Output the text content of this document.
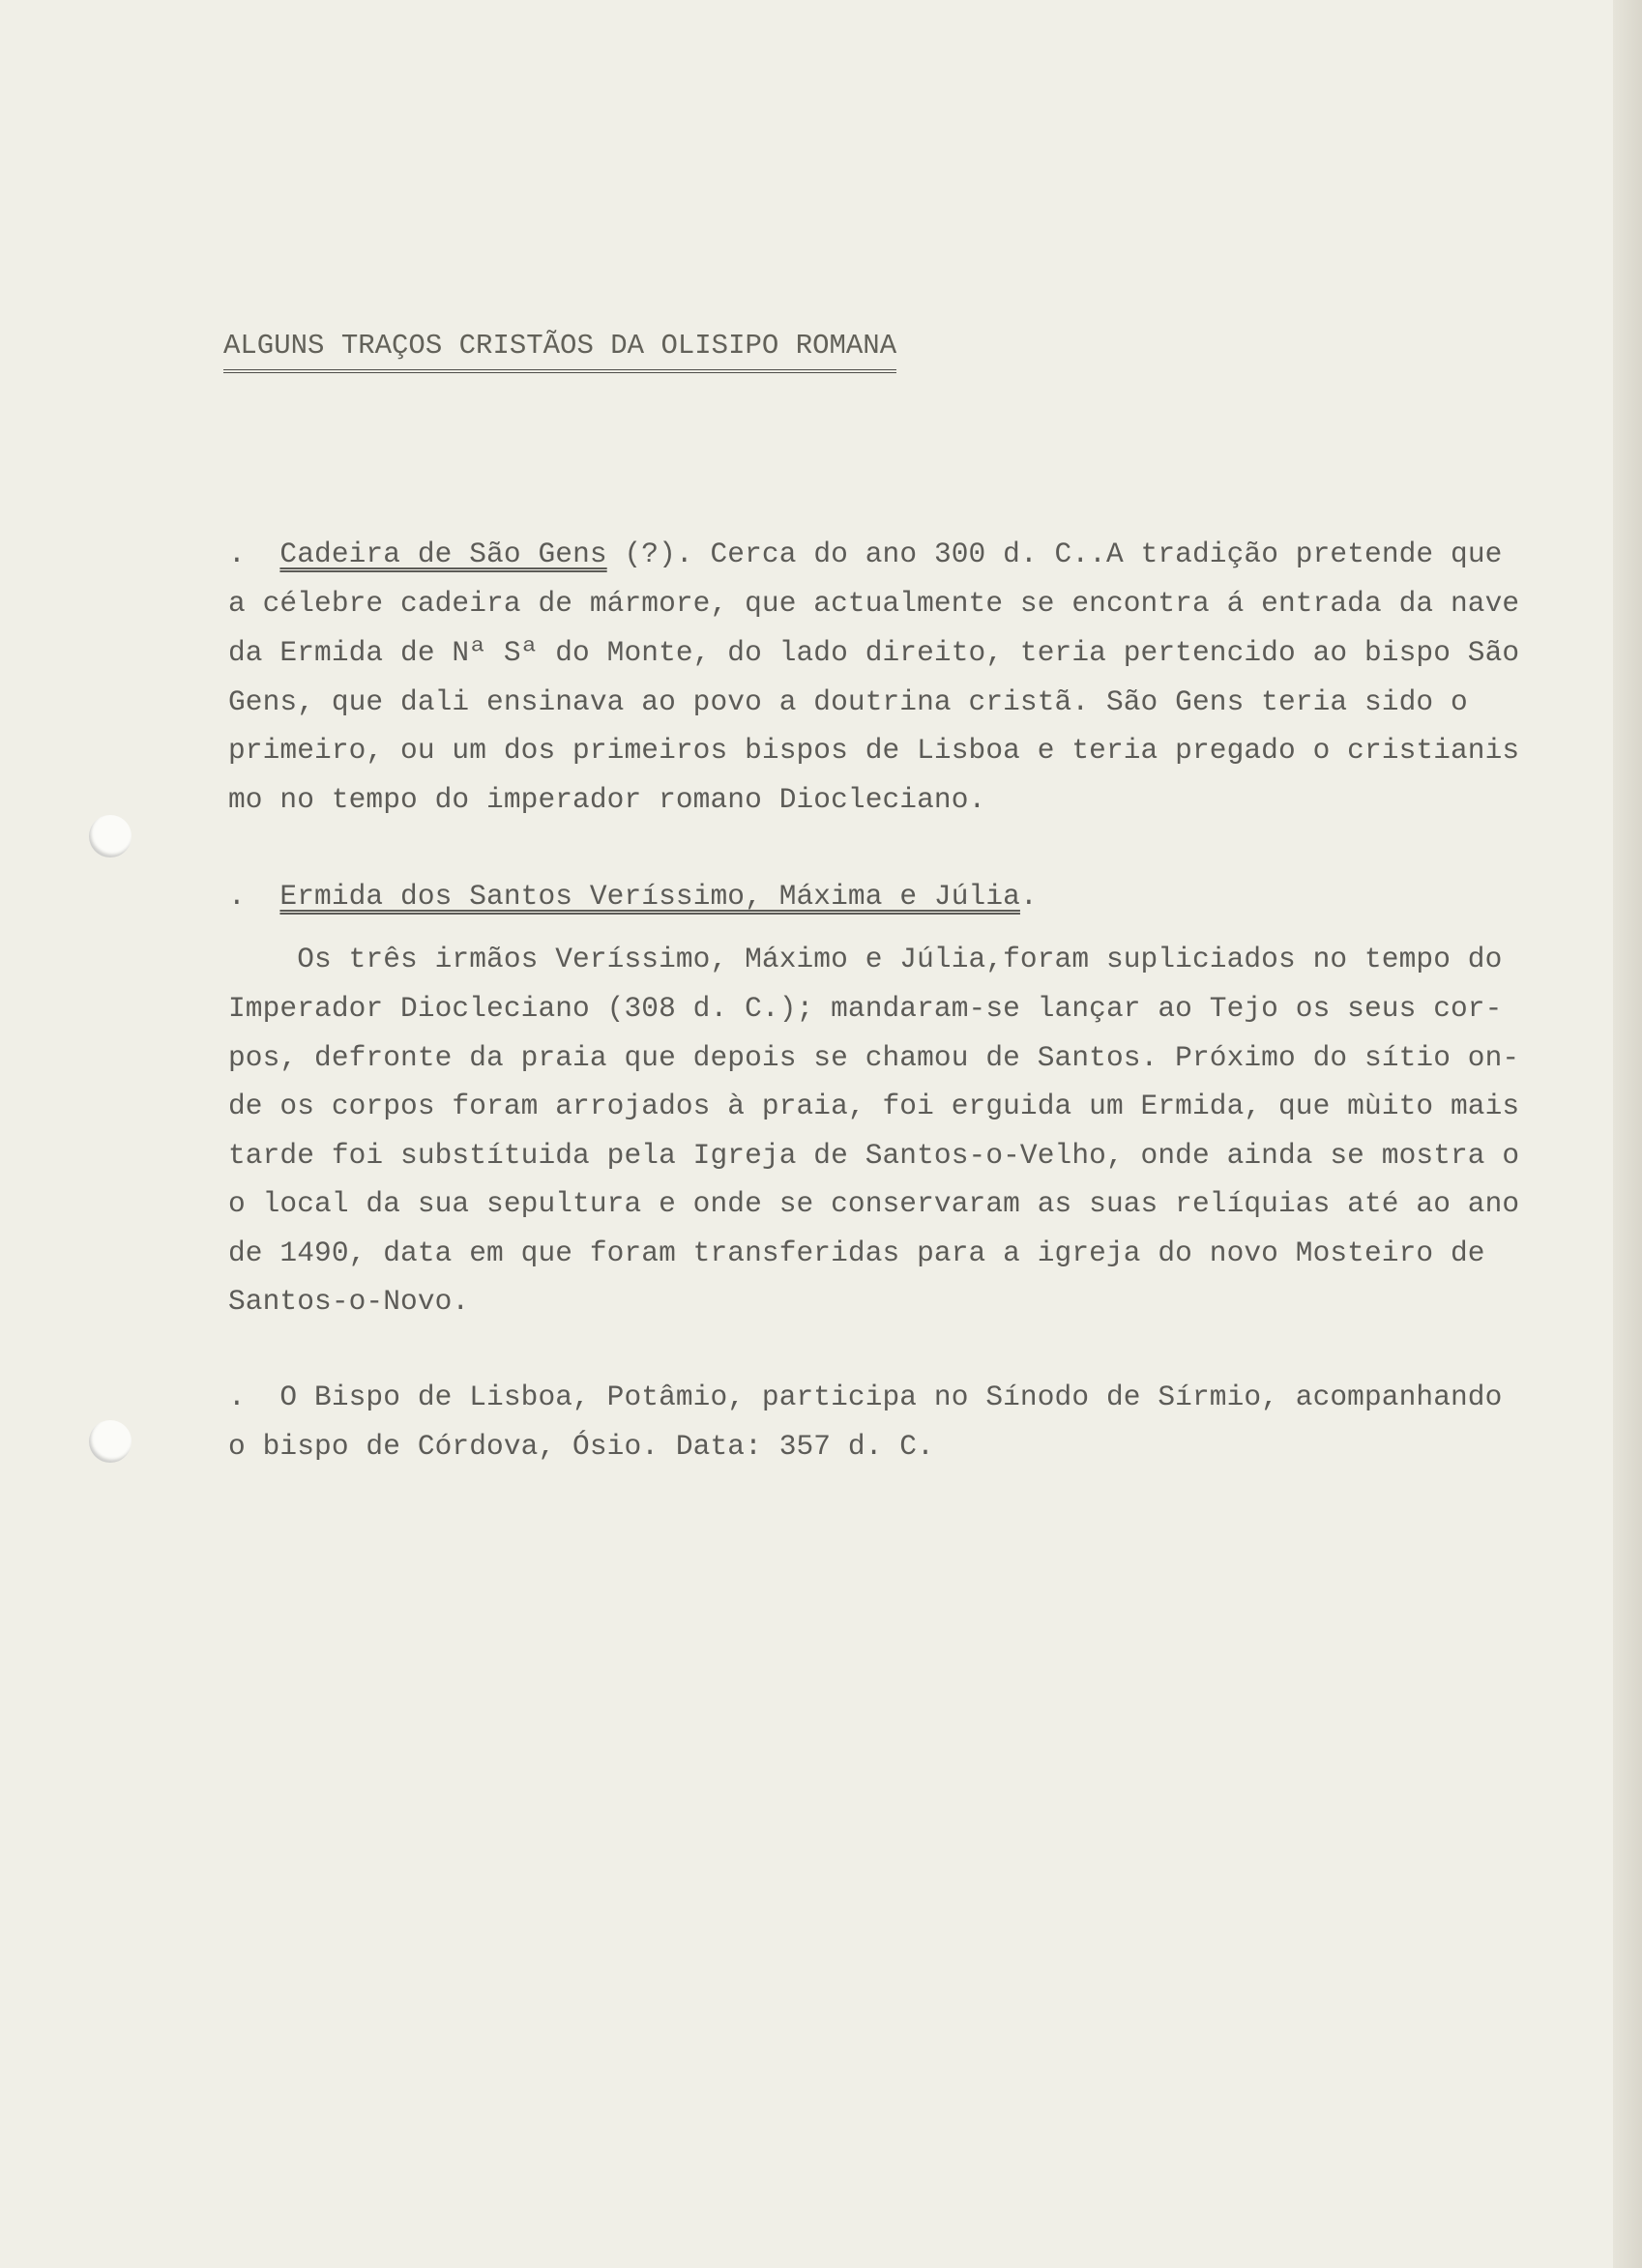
ALGUNS TRAÇOS CRISTÃOS DA OLISIPO ROMANA
. Cadeira de São Gens (?). Cerca do ano 300 d. C..A tradição pretende que
a célebre cadeira de mármore, que actualmente se encontra á entrada da nave
da Ermida de Nª Sª do Monte, do lado direito, teria pertencido ao bispo São
Gens, que dali ensinava ao povo a doutrina cristã. São Gens teria sido o
primeiro, ou um dos primeiros bispos de Lisboa e teria pregado o cristianis
mo no tempo do imperador romano Diocleciano.
. Ermida dos Santos Veríssimo, Máxima e Júlia.
Os três irmãos Veríssimo, Máximo e Júlia,foram supliciados no tempo do
Imperador Diocleciano (308 d. C.); mandaram-se lançar ao Tejo os seus cor-
pos, defronte da praia que depois se chamou de Santos. Próximo do sítio on-
de os corpos foram arrojados à praia, foi erguida um Ermida, que mùito mais
tarde foi substítuida pela Igreja de Santos-o-Velho, onde ainda se mostra o
o local da sua sepultura e onde se conservaram as suas relíquias até ao ano
de 1490, data em que foram transferidas para a igreja do novo Mosteiro de
Santos-o-Novo.
.  O Bispo de Lisboa, Potâmio, participa no Sínodo de Sírmio, acompanhando
o bispo de Córdova, Ósio. Data: 357 d. C.
